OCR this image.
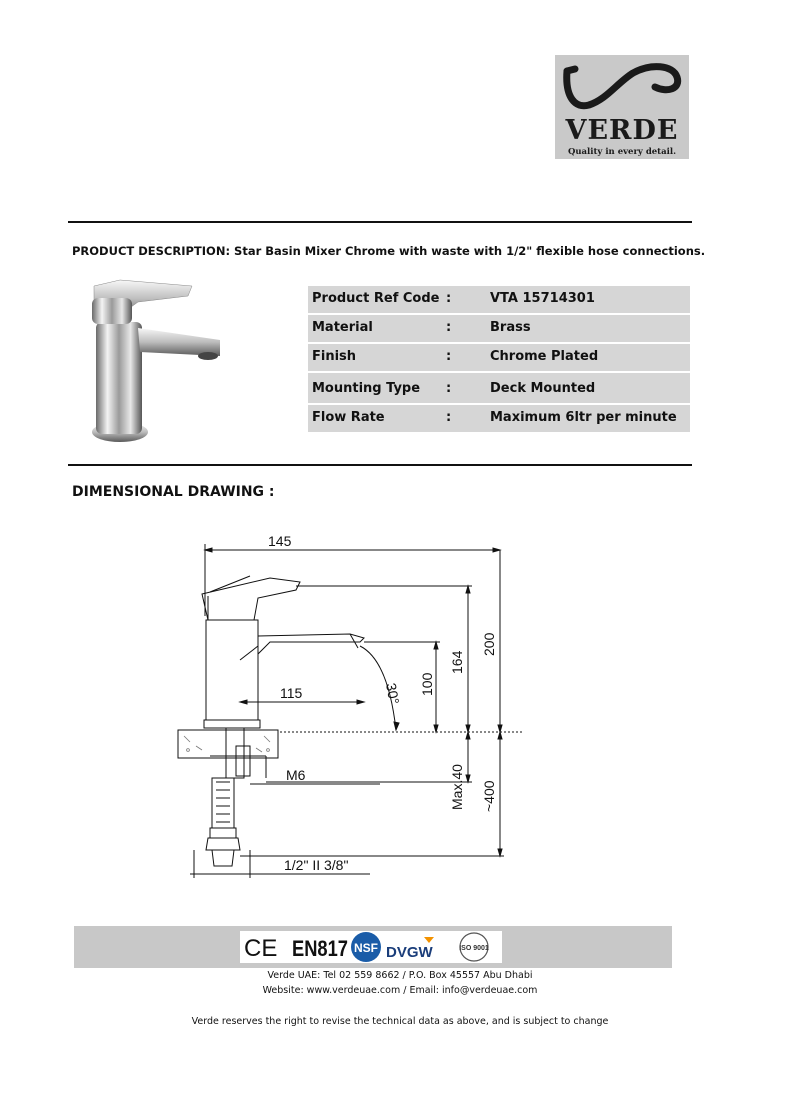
VERDE
Quality in every detail.
PRODUCT DESCRIPTION: Star Basin Mixer Chrome with waste with 1/2" flexible hose connections.
Product Ref Code :	VTA 15714301
Material	:	Brass
Finish	:	Chrome Plated
Mounting Type :	Deck Mounted
Flow Rate	:	Maximum 6ltr per minute
DIMENSIONAL DRAWING :
145
115	30° 100
164
200
M6	Max.40 ~400
1/2" II 3/8"
CE EN817 NSF DVGW	ISO 9001
Verde UAE: Tel 02 559 8662 / P.O. Box 45557 Abu Dhabi
Website: www.verdeuae.com / Email: info@verdeuae.com
Verde reserves the right to revise the technical data as above, and is subject to change
